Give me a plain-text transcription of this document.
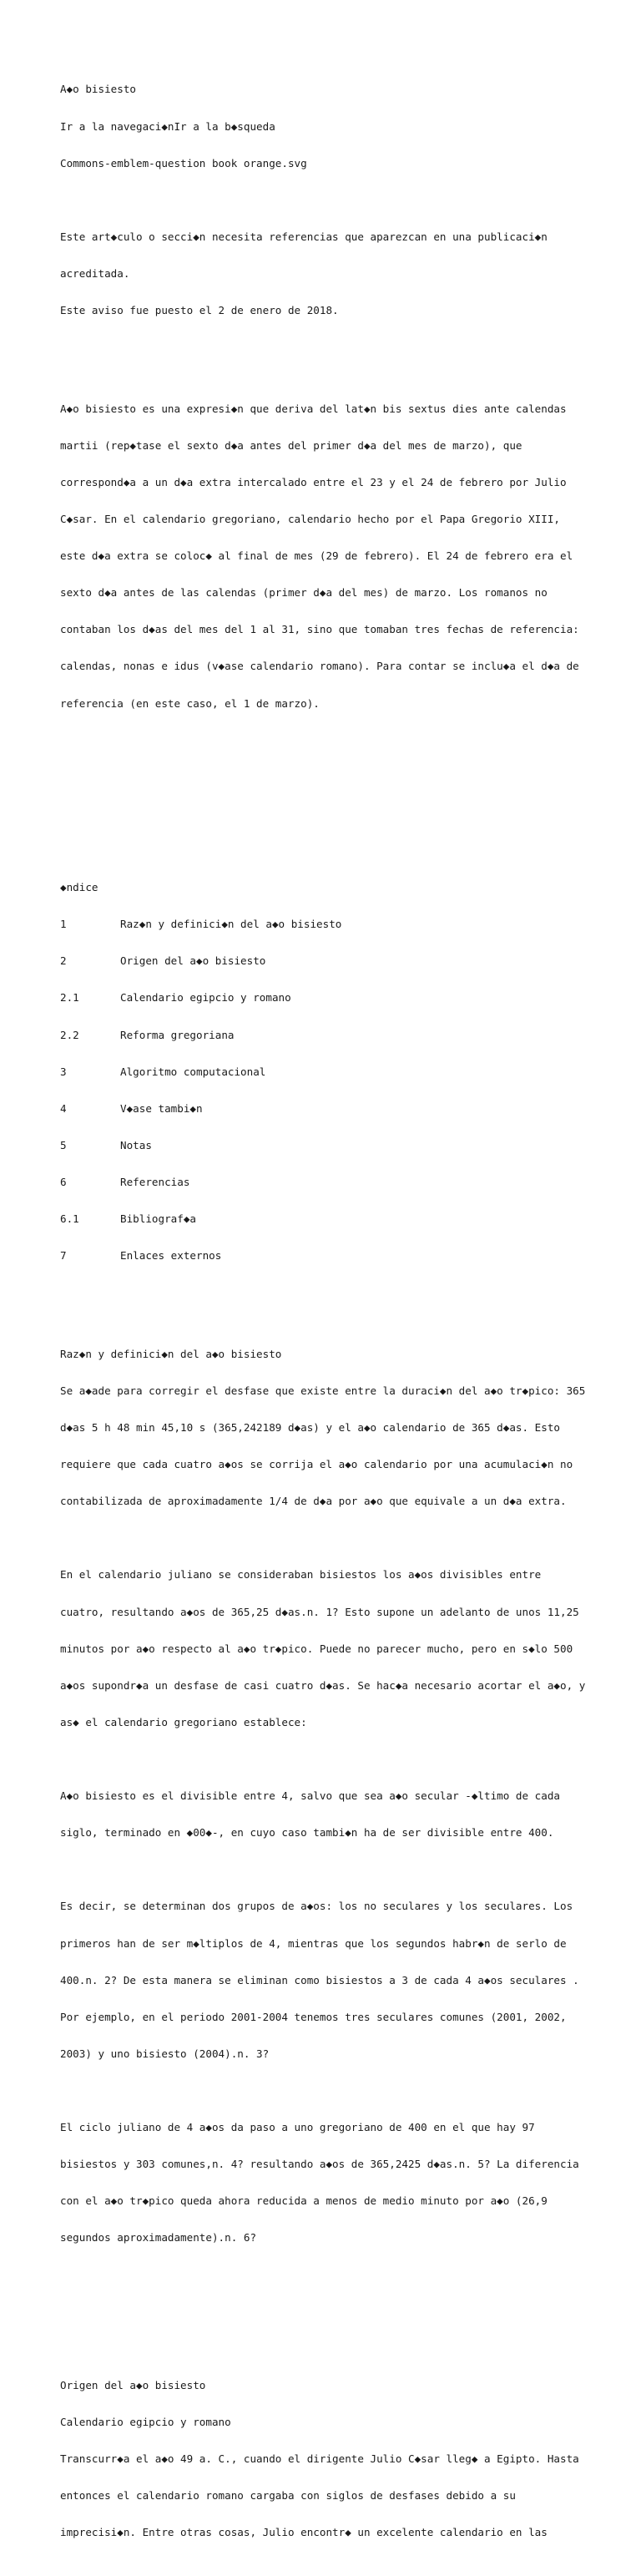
A◆o bisiesto

Ir a la navegaci◆nIr a la b◆squeda

Commons-emblem-question book orange.svg

Este art◆culo o secci◆n necesita referencias que aparezcan en una publicaci◆n

acreditada.

Este aviso fue puesto el 2 de enero de 2018.

A◆o bisiesto es una expresi◆n que deriva del lat◆n bis sextus dies ante calendas

martii (rep◆tase el sexto d◆a antes del primer d◆a del mes de marzo), que

correspond◆a a un d◆a extra intercalado entre el 23 y el 24 de febrero por Julio

C◆sar. En el calendario gregoriano, calendario hecho por el Papa Gregorio XIII,

este d◆a extra se coloc◆ al final de mes (29 de febrero). El 24 de febrero era el

sexto d◆a antes de las calendas (primer d◆a del mes) de marzo. Los romanos no

contaban los d◆as del mes del 1 al 31, sino que tomaban tres fechas de referencia:

calendas, nonas e idus (v◆ase calendario romano). Para contar se inclu◆a el d◆a de

referencia (en este caso, el 1 de marzo).

◆ndice

1	Raz◆n y definici◆n del a◆o bisiesto

2	Origen del a◆o bisiesto

2.1	Calendario egipcio y romano

2.2	Reforma gregoriana

3	Algoritmo computacional

4	V◆ase tambi◆n

5	Notas

6	Referencias

6.1	Bibliograf◆a

7	Enlaces externos

Raz◆n y definici◆n del a◆o bisiesto

Se a◆ade para corregir el desfase que existe entre la duraci◆n del a◆o tr◆pico: 365

d◆as 5 h 48 min 45,10 s (365,242189 d◆as) y el a◆o calendario de 365 d◆as. Esto

requiere que cada cuatro a◆os se corrija el a◆o calendario por una acumulaci◆n no

contabilizada de aproximadamente 1/4 de d◆a por a◆o que equivale a un d◆a extra.

En el calendario juliano se consideraban bisiestos los a◆os divisibles entre

cuatro, resultando a◆os de 365,25 d◆as.n. 1? Esto supone un adelanto de unos 11,25

minutos por a◆o respecto al a◆o tr◆pico. Puede no parecer mucho, pero en s◆lo 500

a◆os supondr◆a un desfase de casi cuatro d◆as. Se hac◆a necesario acortar el a◆o, y

as◆ el calendario gregoriano establece:

A◆o bisiesto es el divisible entre 4, salvo que sea a◆o secular -◆ltimo de cada

siglo, terminado en ◆00◆-, en cuyo caso tambi◆n ha de ser divisible entre 400.

Es decir, se determinan dos grupos de a◆os: los no seculares y los seculares. Los

primeros han de ser m◆ltiplos de 4, mientras que los segundos habr◆n de serlo de

400.n. 2? De esta manera se eliminan como bisiestos a 3 de cada 4 a◆os seculares .

Por ejemplo, en el periodo 2001-2004 tenemos tres seculares comunes (2001, 2002,

2003) y uno bisiesto (2004).n. 3?

El ciclo juliano de 4 a◆os da paso a uno gregoriano de 400 en el que hay 97

bisiestos y 303 comunes,n. 4? resultando a◆os de 365,2425 d◆as.n. 5? La diferencia

con el a◆o tr◆pico queda ahora reducida a menos de medio minuto por a◆o (26,9

segundos aproximadamente).n. 6?

Origen del a◆o bisiesto

Calendario egipcio y romano

Transcurr◆a el a◆o 49 a. C., cuando el dirigente Julio C◆sar lleg◆ a Egipto. Hasta

entonces el calendario romano cargaba con siglos de desfases debido a su

imprecisi◆n. Entre otras cosas, Julio encontr◆ un excelente calendario en las
